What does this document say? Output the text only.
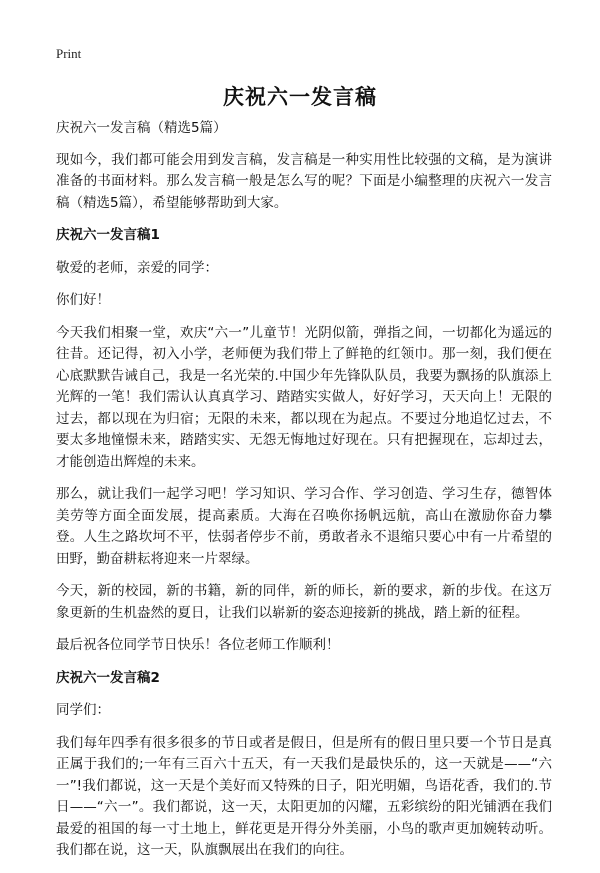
Print
庆祝六一发言稿

庆祝六一发言稿（精选5篇）

现如今，我们都可能会用到发言稿，发言稿是一种实用性比较强的文稿，是为演讲准备的书面材料。那么发言稿一般是怎么写的呢？下面是小编整理的庆祝六一发言稿（精选5篇），希望能够帮助到大家。

庆祝六一发言稿1

敬爱的老师，亲爱的同学：

你们好！

今天我们相聚一堂，欢庆“六一”儿童节！光阴似箭，弹指之间，一切都化为遥远的往昔。还记得，初入小学，老师便为我们带上了鲜艳的红领巾。那一刻，我们便在心底默默告诫自己，我是一名光荣的.中国少年先锋队队员，我要为飘扬的队旗添上光辉的一笔！我们需认认真真学习、踏踏实实做人，好好学习，天天向上！无限的过去，都以现在为归宿；无限的未来，都以现在为起点。不要过分地追忆过去，不要太多地憧憬未来，踏踏实实、无怨无悔地过好现在。只有把握现在，忘却过去，才能创造出辉煌的未来。

那么，就让我们一起学习吧！学习知识、学习合作、学习创造、学习生存，德智体美劳等方面全面发展，提高素质。大海在召唤你扬帆远航，高山在激励你奋力攀登。人生之路坎坷不平，怯弱者停步不前，勇敢者永不退缩只要心中有一片希望的田野，勤奋耕耘将迎来一片翠绿。

今天，新的校园，新的书籍，新的同伴，新的师长，新的要求，新的步伐。在这万象更新的生机盎然的夏日，让我们以崭新的姿态迎接新的挑战，踏上新的征程。

最后祝各位同学节日快乐！各位老师工作顺利！

庆祝六一发言稿2

同学们：

我们每年四季有很多很多的节日或者是假日，但是所有的假日里只要一个节日是真正属于我们的;一年有三百六十五天，有一天我们是最快乐的，这一天就是——“六一”!我们都说，这一天是个美好而又特殊的日子，阳光明媚，鸟语花香，我们的.节日——“六一”。我们都说，这一天，太阳更加的闪耀，五彩缤纷的阳光铺洒在我们最爱的祖国的每一寸土地上，鲜花更是开得分外美丽，小鸟的歌声更加婉转动听。我们都在说，这一天，队旗飘展出在我们的向往。
